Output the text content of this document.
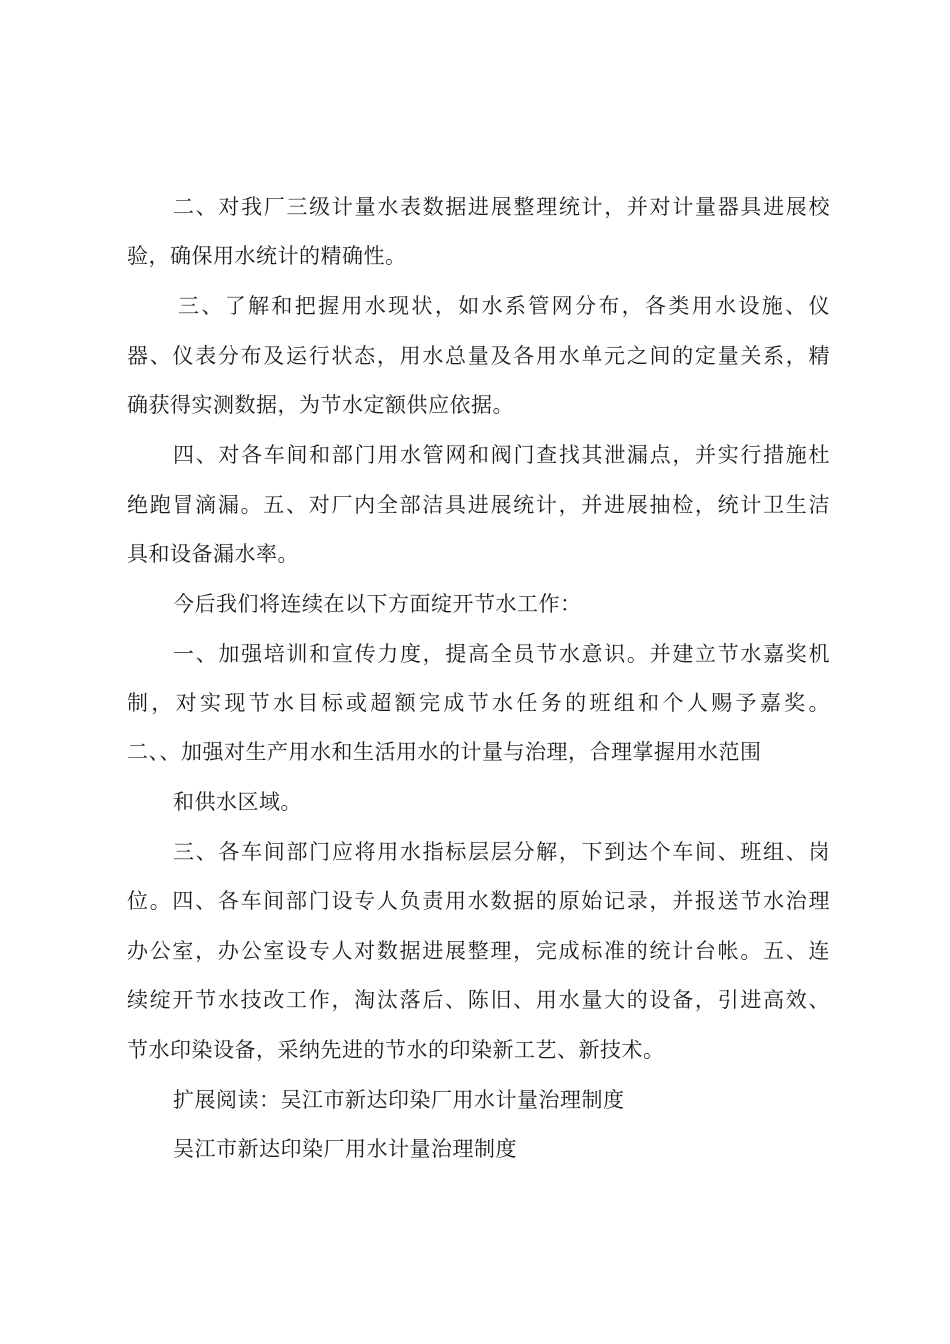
二、对我厂三级计量水表数据进展整理统计，并对计量器具进展校
验，确保用水统计的精确性。
三、了解和把握用水现状，如水系管网分布，各类用水设施、仪
器、仪表分布及运行状态，用水总量及各用水单元之间的定量关系，精
确获得实测数据，为节水定额供应依据。
四、对各车间和部门用水管网和阀门查找其泄漏点，并实行措施杜
绝跑冒滴漏。五、对厂内全部洁具进展统计，并进展抽检，统计卫生洁
具和设备漏水率。
今后我们将连续在以下方面绽开节水工作：
一、加强培训和宣传力度，提高全员节水意识。并建立节水嘉奖机
制，对实现节水目标或超额完成节水任务的班组和个人赐予嘉奖。
二、、加强对生产用水和生活用水的计量与治理，合理掌握用水范围
和供水区域。
三、各车间部门应将用水指标层层分解，下到达个车间、班组、岗
位。四、各车间部门设专人负责用水数据的原始记录，并报送节水治理
办公室，办公室设专人对数据进展整理，完成标准的统计台帐。五、连
续绽开节水技改工作，淘汰落后、陈旧、用水量大的设备，引进高效、
节水印染设备，采纳先进的节水的印染新工艺、新技术。
扩展阅读：吴江市新达印染厂用水计量治理制度
吴江市新达印染厂用水计量治理制度
